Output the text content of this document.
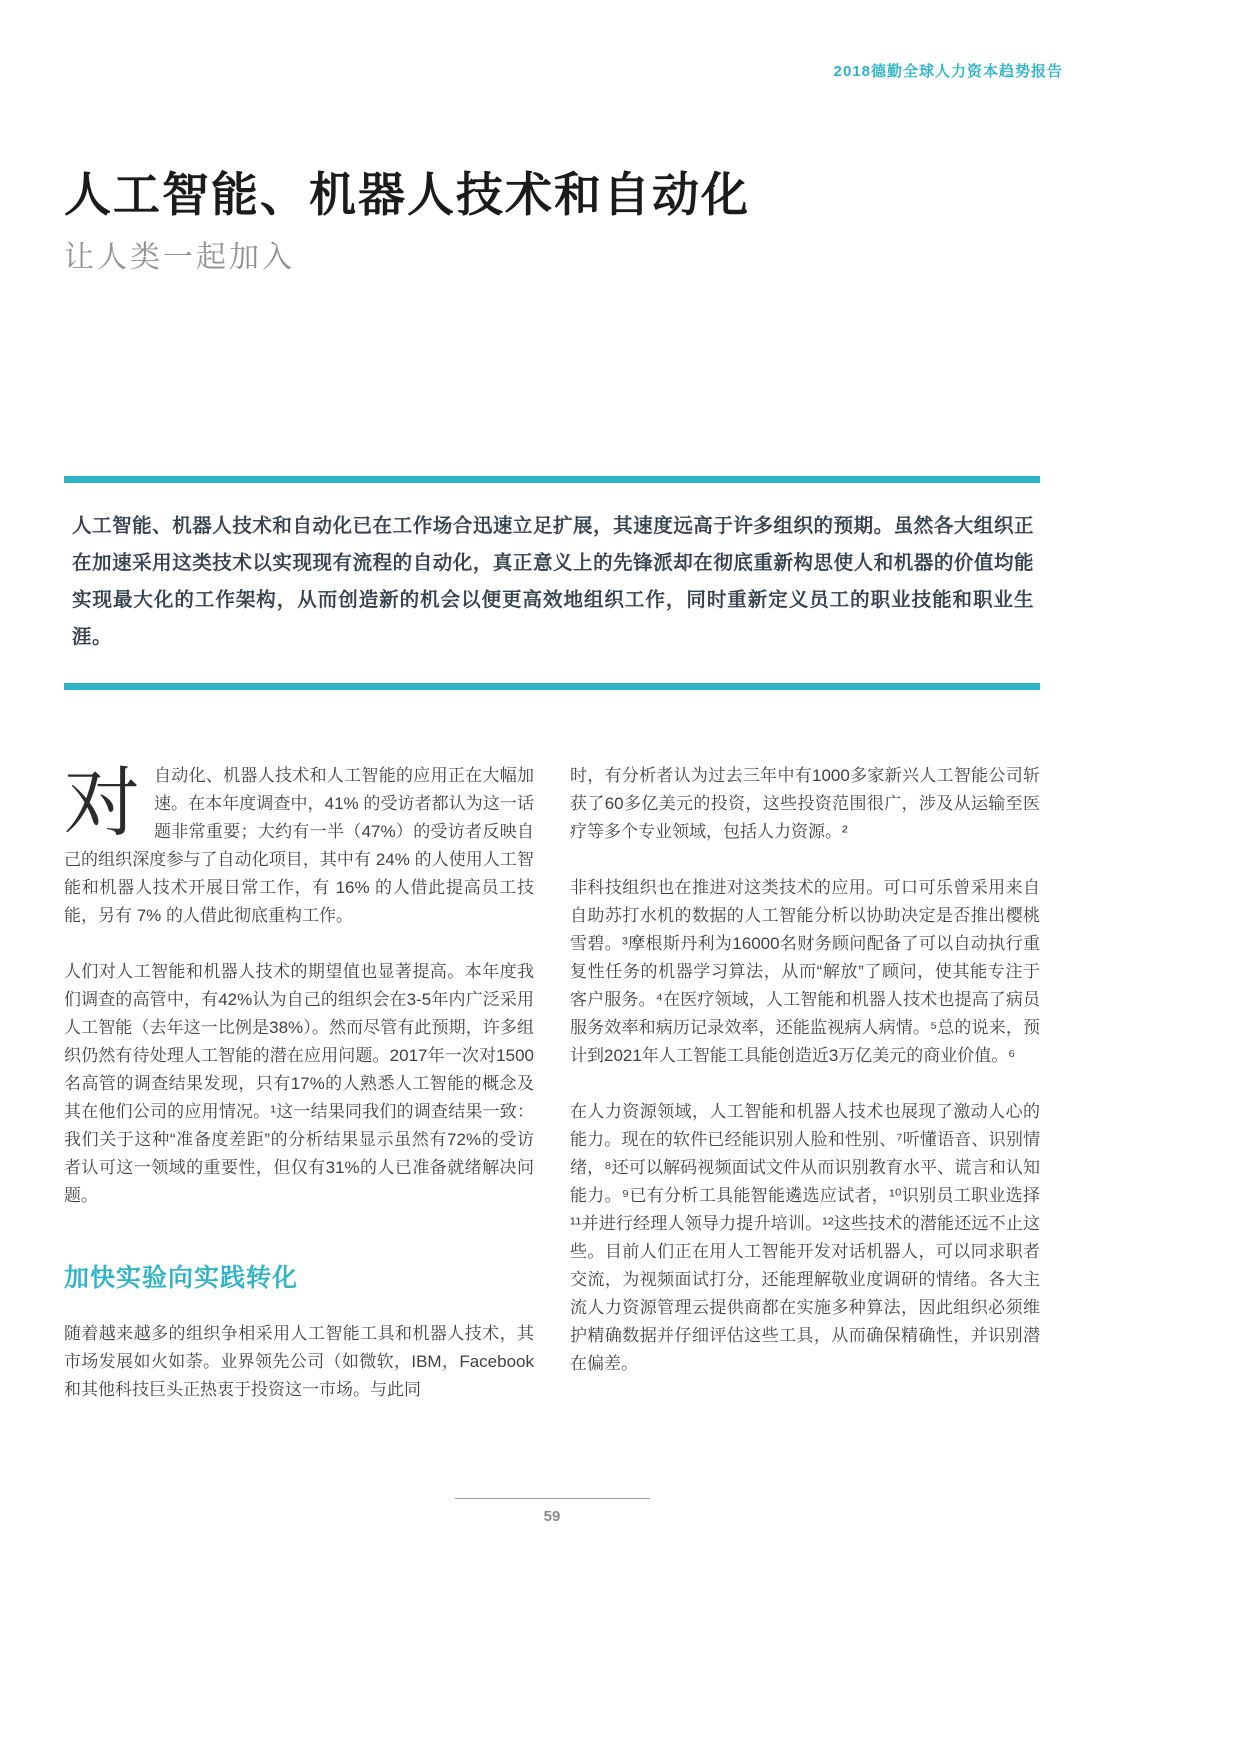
2018德勤全球人力资本趋势报告
人工智能、机器人技术和自动化
让人类一起加入

人工智能、机器人技术和自动化已在工作场合迅速立足扩展，其速度远高于许多组织的预期。虽然各大组织正在加速采用这类技术以实现现有流程的自动化，真正意义上的先锋派却在彻底重新构思使人和机器的价值均能实现最大化的工作架构，从而创造新的机会以便更高效地组织工作，同时重新定义员工的职业技能和职业生涯。

对自动化、机器人技术和人工智能的应用正在大幅加速。在本年度调查中，41% 的受访者都认为这一话题非常重要；大约有一半（47%）的受访者反映自己的组织深度参与了自动化项目，其中有 24% 的人使用人工智能和机器人技术开展日常工作，有 16% 的人借此提高员工技能，另有 7% 的人借此彻底重构工作。

人们对人工智能和机器人技术的期望值也显著提高。本年度我们调查的高管中，有42%认为自己的组织会在3-5年内广泛采用人工智能（去年这一比例是38%）。然而尽管有此预期，许多组织仍然有待处理人工智能的潜在应用问题。2017年一次对1500名高管的调查结果发现，只有17%的人熟悉人工智能的概念及其在他们公司的应用情况。¹这一结果同我们的调查结果一致：我们关于这种“准备度差距”的分析结果显示虽然有72%的受访者认可这一领域的重要性，但仅有31%的人已准备就绪解决问题。

加快实验向实践转化

随着越来越多的组织争相采用人工智能工具和机器人技术，其市场发展如火如荼。业界领先公司（如微软，IBM，Facebook和其他科技巨头正热衷于投资这一市场。与此同

时，有分析者认为过去三年中有1000多家新兴人工智能公司斩获了60多亿美元的投资，这些投资范围很广，涉及从运输至医疗等多个专业领域，包括人力资源。²

非科技组织也在推进对这类技术的应用。可口可乐曾采用来自自助苏打水机的数据的人工智能分析以协助决定是否推出樱桃雪碧。³摩根斯丹利为16000名财务顾问配备了可以自动执行重复性任务的机器学习算法，从而“解放”了顾问，使其能专注于客户服务。⁴在医疗领域，人工智能和机器人技术也提高了病员服务效率和病历记录效率，还能监视病人病情。⁵总的说来，预计到2021年人工智能工具能创造近3万亿美元的商业价值。⁶

在人力资源领域，人工智能和机器人技术也展现了激动人心的能力。现在的软件已经能识别人脸和性别、⁷听懂语音、识别情绪，⁸还可以解码视频面试文件从而识别教育水平、谎言和认知能力。⁹已有分析工具能智能遴选应试者，¹⁰识别员工职业选择¹¹并进行经理人领导力提升培训。¹²这些技术的潜能还远不止这些。目前人们正在用人工智能开发对话机器人，可以同求职者交流，为视频面试打分，还能理解敬业度调研的情绪。各大主流人力资源管理云提供商都在实施多种算法，因此组织必须维护精确数据并仔细评估这些工具，从而确保精确性，并识别潜在偏差。

59
